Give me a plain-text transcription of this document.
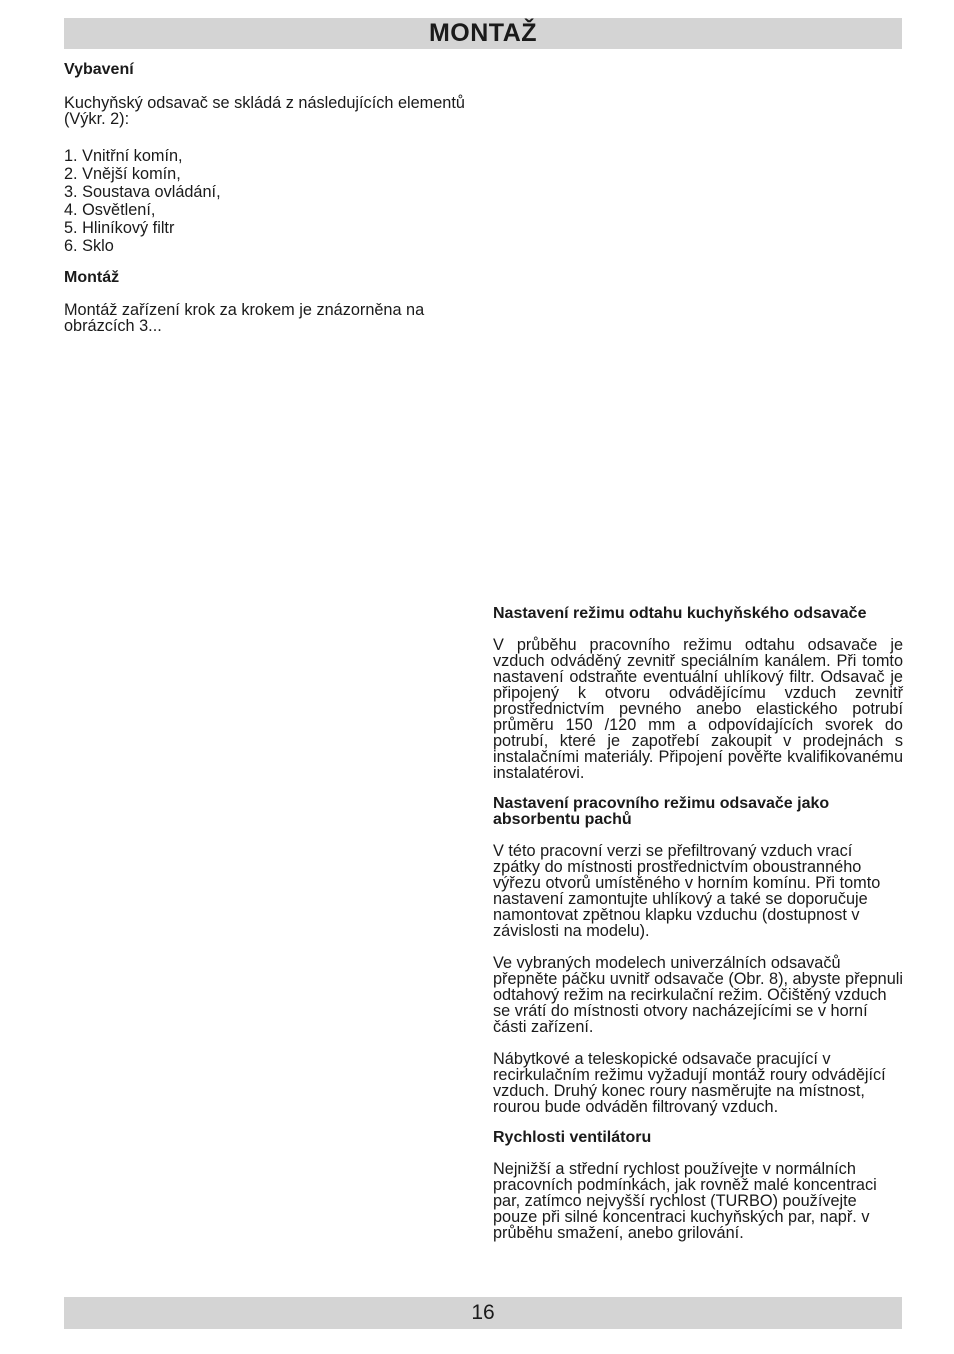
MONTAŽ
Vybavení

Kuchyňský odsavač se skládá z následujících elementů (Výkr. 2):

1. Vnitřní komín,
2. Vnější komín,
3. Soustava ovládání,
4. Osvětlení,
5. Hliníkový filtr
6. Sklo
Montáž

Montáž zařízení krok za krokem je znázorněna na obrázcích 3...

Nastavení režimu odtahu kuchyňského odsavače

V průběhu pracovního režimu odtahu odsavače je vzduch odváděný zevnitř speciálním kanálem. Při tomto nastavení odstraňte eventuální uhlíkový filtr. Odsavač je připojený k otvoru odvádějícímu vzduch zevnitř prostřednictvím pevného anebo elastického potrubí průměru 150 /120 mm a odpovídajících svorek do potrubí, které je zapotřebí zakoupit v prodejnách s instalačními materiály. Připojení pověřte kvalifikovanému instalatérovi.

Nastavení pracovního režimu odsavače jako absorbentu pachů

V této pracovní verzi se přefiltrovaný vzduch vrací zpátky do místnosti prostřednictvím oboustranného výřezu otvorů umístěného v horním komínu. Při tomto nastavení zamontujte uhlíkový a také se doporučuje namontovat zpětnou klapku vzduchu (dostupnost v závislosti na modelu).

Ve vybraných modelech univerzálních odsavačů přepněte páčku uvnitř odsavače (Obr. 8), abyste přepnuli odtahový režim na recirkulační režim. Očištěný vzduch se vrátí do místnosti otvory nacházejícími se v horní části zařízení.

Nábytkové a teleskopické odsavače pracující v recirkulačním režimu vyžadují montáž roury odvádějící vzduch. Druhý konec roury nasměrujte na místnost, rourou bude odváděn filtrovaný vzduch.

Rychlosti ventilátoru

Nejnižší a střední rychlost používejte v normálních pracovních podmínkách, jak rovněž malé koncentraci par, zatímco nejvyšší rychlost (TURBO) používejte pouze při silné koncentraci kuchyňských par, např. v průběhu smažení, anebo grilování.

16
